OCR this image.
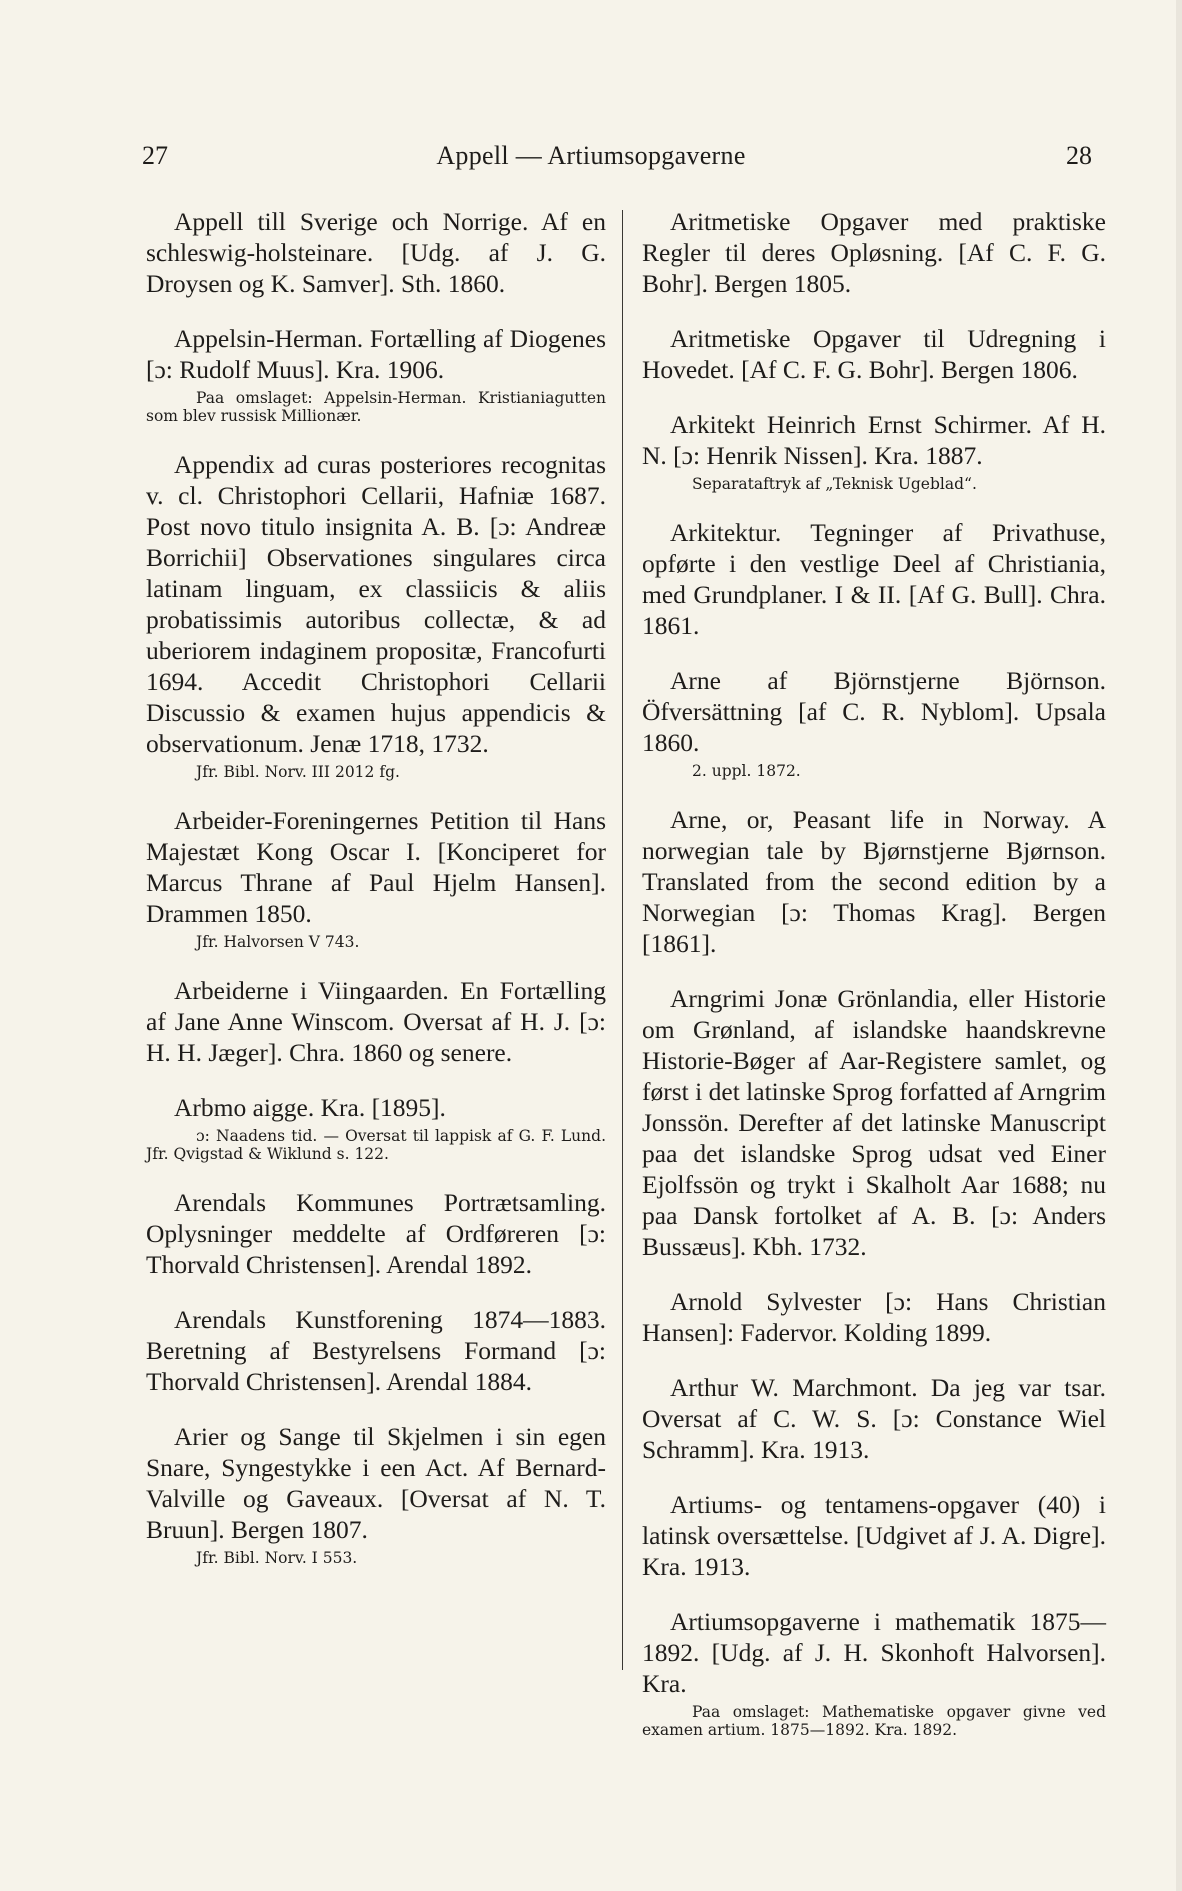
27	Appell — Artiumsopgaverne	28
Appell till Sverige och Norrige. Af en schleswig-holsteinare. [Udg. af J. G. Droysen og K. Samver]. Sth. 1860.
Appelsin-Herman. Fortælling af Diogenes [ɔ: Rudolf Muus]. Kra. 1906.
Paa omslaget: Appelsin-Herman. Kristianiagutten som blev russisk Millionær.
Appendix ad curas posteriores recognitas v. cl. Christophori Cellarii, Hafniæ 1687. Post novo titulo insignita A. B. [ɔ: Andreæ Borrichii] Observationes singulares circa latinam linguam, ex classiicis & aliis probatissimis autoribus collectæ, & ad uberiorem indaginem propositæ, Francofurti 1694. Accedit Christophori Cellarii Discussio & examen hujus appendicis & observationum. Jenæ 1718, 1732.
Jfr. Bibl. Norv. III 2012 fg.
Arbeider-Foreningernes Petition til Hans Majestæt Kong Oscar I. [Konciperet for Marcus Thrane af Paul Hjelm Hansen]. Drammen 1850.
Jfr. Halvorsen V 743.
Arbeiderne i Viingaarden. En Fortælling af Jane Anne Winscom. Oversat af H. J. [ɔ: H. H. Jæger]. Chra. 1860 og senere.
Arbmo aigge. Kra. [1895].
ɔ: Naadens tid. — Oversat til lappisk af G. F. Lund. Jfr. Qvigstad & Wiklund s. 122.
Arendals Kommunes Portrætsamling. Oplysninger meddelte af Ordføreren [ɔ: Thorvald Christensen]. Arendal 1892.
Arendals Kunstforening 1874—1883. Beretning af Bestyrelsens Formand [ɔ: Thorvald Christensen]. Arendal 1884.
Arier og Sange til Skjelmen i sin egen Snare, Syngestykke i een Act. Af Bernard-Valville og Gaveaux. [Oversat af N. T. Bruun]. Bergen 1807.
Jfr. Bibl. Norv. I 553.
Aritmetiske Opgaver med praktiske Regler til deres Opløsning. [Af C. F. G. Bohr]. Bergen 1805.
Aritmetiske Opgaver til Udregning i Hovedet. [Af C. F. G. Bohr]. Bergen 1806.
Arkitekt Heinrich Ernst Schirmer. Af H. N. [ɔ: Henrik Nissen]. Kra. 1887.
Separataftryk af „Teknisk Ugeblad“.
Arkitektur. Tegninger af Privathuse, opførte i den vestlige Deel af Christiania, med Grundplaner. I & II. [Af G. Bull]. Chra. 1861.
Arne af Björnstjerne Björnson. Öfversättning [af C. R. Nyblom]. Upsala 1860.
2. uppl. 1872.
Arne, or, Peasant life in Norway. A norwegian tale by Bjørnstjerne Bjørnson. Translated from the second edition by a Norwegian [ɔ: Thomas Krag]. Bergen [1861].
Arngrimi Jonæ Grönlandia, eller Historie om Grønland, af islandske haandskrevne Historie-Bøger af Aar-Registere samlet, og først i det latinske Sprog forfatted af Arngrim Jonssön. Derefter af det latinske Manuscript paa det islandske Sprog udsat ved Einer Ejolfssön og trykt i Skalholt Aar 1688; nu paa Dansk fortolket af A. B. [ɔ: Anders Bussæus]. Kbh. 1732.
Arnold Sylvester [ɔ: Hans Christian Hansen]: Fadervor. Kolding 1899.
Arthur W. Marchmont. Da jeg var tsar. Oversat af C. W. S. [ɔ: Constance Wiel Schramm]. Kra. 1913.
Artiums- og tentamens-opgaver (40) i latinsk oversættelse. [Udgivet af J. A. Digre]. Kra. 1913.
Artiumsopgaverne i mathematik 1875—1892. [Udg. af J. H. Skonhoft Halvorsen]. Kra.
Paa omslaget: Mathematiske opgaver givne ved examen artium. 1875—1892. Kra. 1892.
